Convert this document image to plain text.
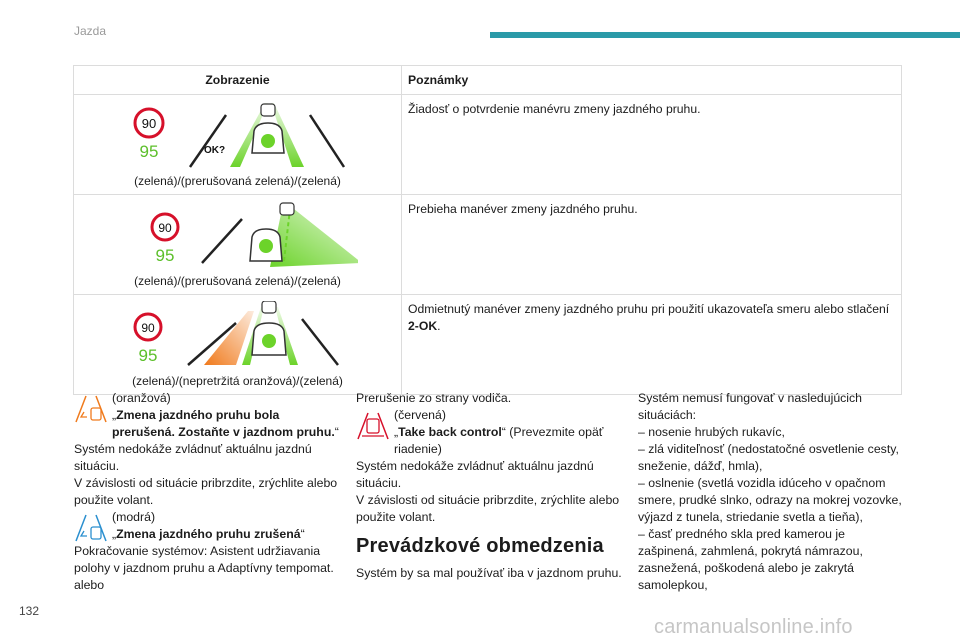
Jazda
Zobrazenie	Poznámky

90
95 OK?
(zelená)/(prerušovaná zelená)/(zelená)	Žiadosť o potvrdenie manévru zmeny jazdného pruhu.

90
95
(zelená)/(prerušovaná zelená)/(zelená)	Prebieha manéver zmeny jazdného pruhu.

90
95
(zelená)/(nepretržitá oranžová)/(zelená)	Odmietnutý manéver zmeny jazdného pruhu pri použití ukazovateľa smeru alebo stlačení 2-OK.

(oranžová)
„Zmena jazdného pruhu bola prerušená. Zostaňte v jazdnom pruhu.“

Systém nedokáže zvládnuť aktuálnu jazdnú situáciu.

V závislosti od situácie pribrzdite, zrýchlite alebo použite volant.

(modrá)
„Zmena jazdného pruhu zrušená“

Pokračovanie systémov: Asistent udržiavania polohy v jazdnom pruhu a Adaptívny tempomat.

alebo

Prerušenie zo strany vodiča.

(červená)
„Take back control“ (Prevezmite opäť riadenie)

Systém nedokáže zvládnuť aktuálnu jazdnú situáciu.

V závislosti od situácie pribrzdite, zrýchlite alebo použite volant.

Prevádzkové obmedzenia

Systém by sa mal používať iba v jazdnom pruhu.

Systém nemusí fungovať v nasledujúcich situáciách:

– nosenie hrubých rukavíc,

– zlá viditeľnosť (nedostatočné osvetlenie cesty, sneženie, dážď, hmla),

– oslnenie (svetlá vozidla idúceho v opačnom smere, prudké slnko, odrazy na mokrej vozovke, výjazd z tunela, striedanie svetla a tieňa),

– časť predného skla pred kamerou je zašpinená, zahmlená, pokrytá námrazou, zasnežená, poškodená alebo je zakrytá samolepkou,

132
carmanualsonline.info
